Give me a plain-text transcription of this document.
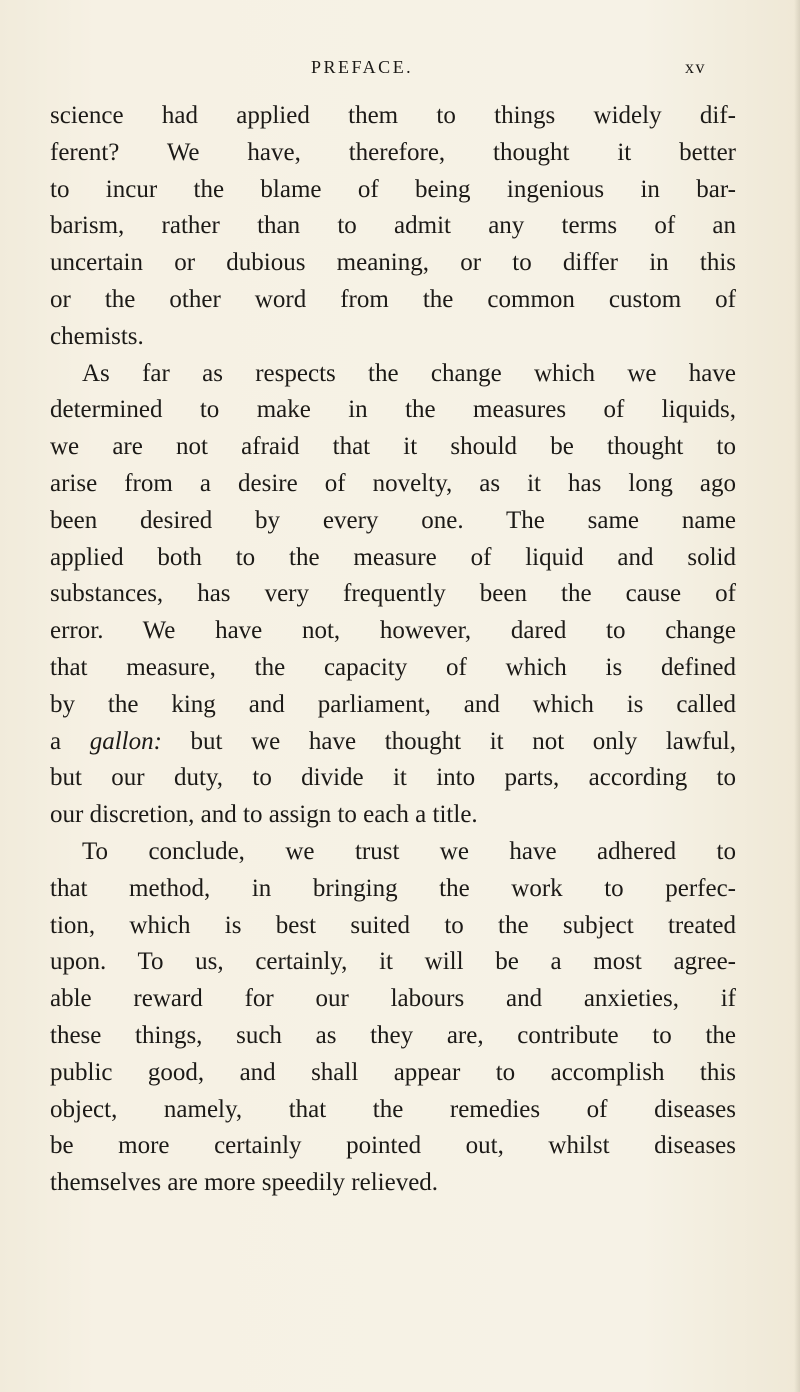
PREFACE.	xv
science had applied them to things widely dif-
ferent? We have, therefore, thought it better
to incur the blame of being ingenious in bar-
barism, rather than to admit any terms of an
uncertain or dubious meaning, or to differ in this
or the other word from the common custom of
chemists.
As far as respects the change which we have
determined to make in the measures of liquids,
we are not afraid that it should be thought to
arise from a desire of novelty, as it has long ago
been desired by every one. The same name
applied both to the measure of liquid and solid
substances, has very frequently been the cause of
error. We have not, however, dared to change
that measure, the capacity of which is defined
by the king and parliament, and which is called
a gallon: but we have thought it not only lawful,
but our duty, to divide it into parts, according to
our discretion, and to assign to each a title.
To conclude, we trust we have adhered to
that method, in bringing the work to perfec-
tion, which is best suited to the subject treated
upon. To us, certainly, it will be a most agree-
able reward for our labours and anxieties, if
these things, such as they are, contribute to the
public good, and shall appear to accomplish this
object, namely, that the remedies of diseases
be more certainly pointed out, whilst diseases
themselves are more speedily relieved.
